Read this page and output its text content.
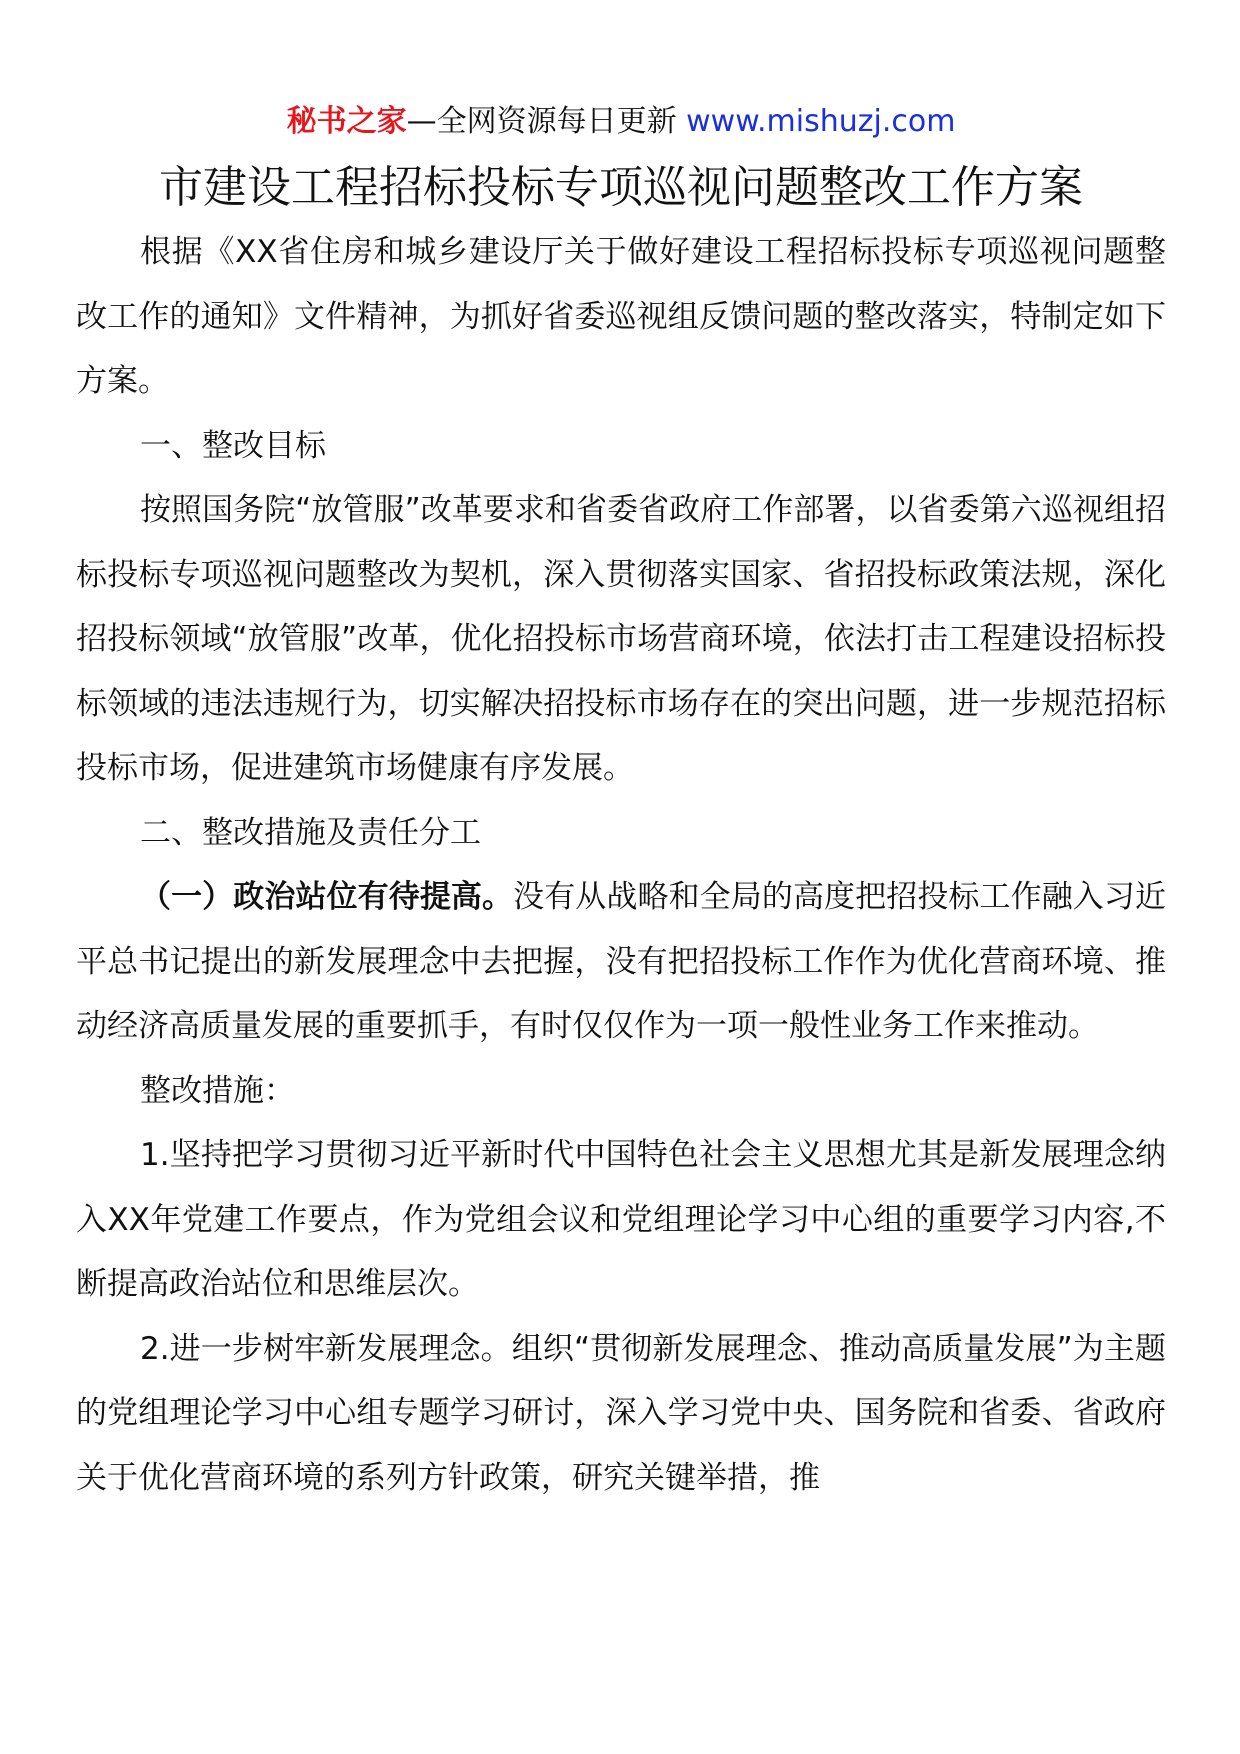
秘书之家—全网资源每日更新 www.mishuzj.com
市建设工程招标投标专项巡视问题整改工作方案

根据《XX省住房和城乡建设厅关于做好建设工程招标投标专项巡视问题整改工作的通知》文件精神，为抓好省委巡视组反馈问题的整改落实，特制定如下方案。

一、整改目标

按照国务院“放管服”改革要求和省委省政府工作部署，以省委第六巡视组招标投标专项巡视问题整改为契机，深入贯彻落实国家、省招投标政策法规，深化招投标领域“放管服”改革，优化招投标市场营商环境，依法打击工程建设招标投标领域的违法违规行为，切实解决招投标市场存在的突出问题，进一步规范招标投标市场，促进建筑市场健康有序发展。

二、整改措施及责任分工

（一）政治站位有待提高。没有从战略和全局的高度把招投标工作融入习近平总书记提出的新发展理念中去把握，没有把招投标工作作为优化营商环境、推动经济高质量发展的重要抓手，有时仅仅作为一项一般性业务工作来推动。

整改措施：

1.坚持把学习贯彻习近平新时代中国特色社会主义思想尤其是新发展理念纳入XX年党建工作要点，作为党组会议和党组理论学习中心组的重要学习内容,不断提高政治站位和思维层次。

2.进一步树牢新发展理念。组织“贯彻新发展理念、推动高质量发展”为主题的党组理论学习中心组专题学习研讨，深入学习党中央、国务院和省委、省政府关于优化营商环境的系列方针政策，研究关键举措，推
